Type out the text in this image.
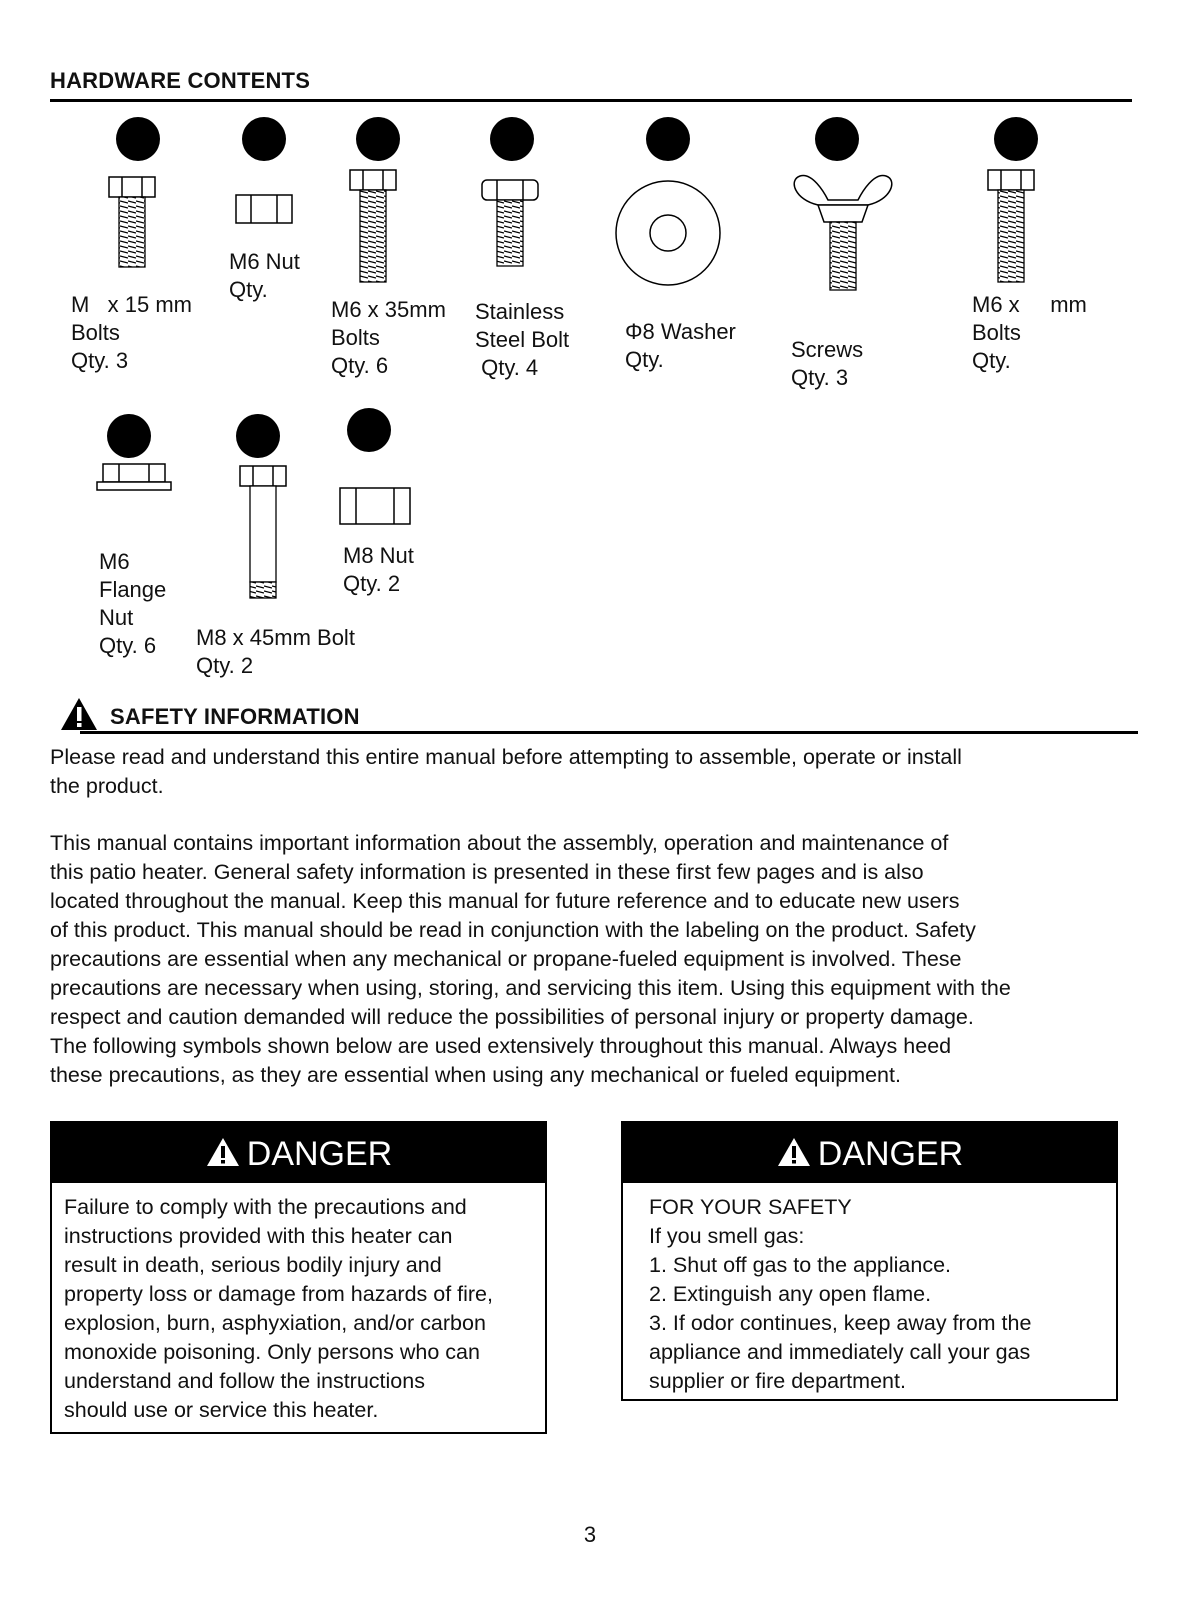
HARDWARE CONTENTS
M   x 15 mm
Bolts
Qty. 3
M6 Nut
Qty.
M6 x 35mm
Bolts
Qty. 6
Stainless
Steel Bolt
Qty. 4
Φ8 Washer
Qty.	Screws
Qty. 3
M6 x     mm
Bolts
Qty.
M6
Flange
Nut
Qty. 6	M8 x 45mm Bolt
Qty. 2
M8 Nut
Qty. 2
SAFETY INFORMATION
Please read and understand this entire manual before attempting to assemble, operate or install
the product.
This manual contains important information about the assembly, operation and maintenance of
this patio heater. General safety information is presented in these first few pages and is also
located throughout the manual. Keep this manual for future reference and to educate new users
of this product. This manual should be read in conjunction with the labeling on the product. Safety
precautions are essential when any mechanical or propane-fueled equipment is involved. These
precautions are necessary when using, storing, and servicing this item. Using this equipment with the
respect and caution demanded will reduce the possibilities of personal injury or property damage.
The following symbols shown below are used extensively throughout this manual. Always heed
these precautions, as they are essential when using any mechanical or fueled equipment.
DANGER
Failure to comply with the precautions and
instructions provided with this heater can
result in death, serious bodily injury and
property loss or damage from hazards of fire,
explosion, burn, asphyxiation, and/or carbon
monoxide poisoning. Only persons who can
understand and follow the instructions
should use or service this heater.
DANGER
FOR YOUR SAFETY
If you smell gas:
1. Shut off gas to the appliance.
2. Extinguish any open flame.
3. If odor continues, keep away from the
appliance and immediately call your gas
supplier or fire department.
3
